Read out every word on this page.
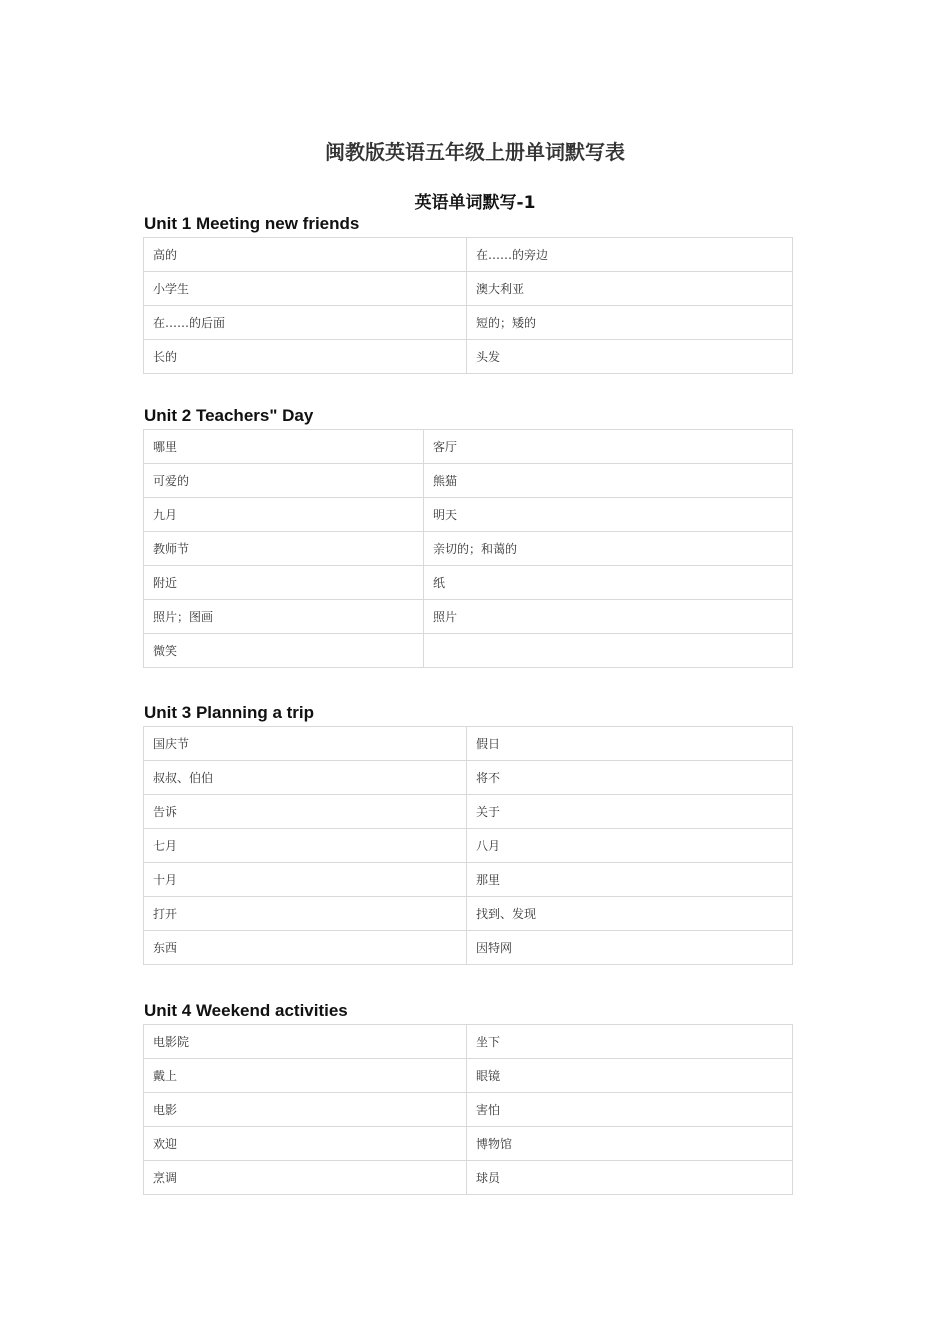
闽教版英语五年级上册单词默写表
英语单词默写-1
Unit 1 Meeting new friends
高的	在……的旁边
小学生	澳大利亚
在……的后面	短的；矮的
长的	头发
Unit 2 Teachers" Day
哪里	客厅
可爱的	熊猫
九月	明天
教师节	亲切的；和蔼的
附近	纸
照片；图画	照片
微笑	
Unit 3 Planning a trip
国庆节	假日
叔叔、伯伯	将不
告诉	关于
七月	八月
十月	那里
打开	找到、发现
东西	因特网
Unit 4 Weekend activities
电影院	坐下
戴上	眼镜
电影	害怕
欢迎	博物馆
烹调	球员
